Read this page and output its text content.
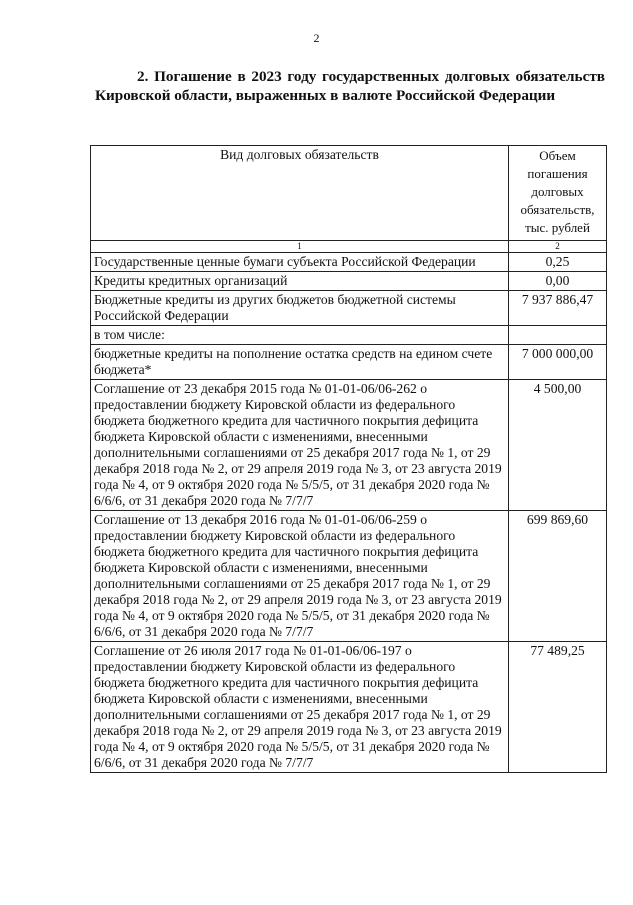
2
2. Погашение в 2023 году государственных долговых обязательств Кировской области, выраженных в валюте Российской Федерации
Вид долговых обязательств	Объем погашения долговых обязательств, тыс. рублей
1	2
Государственные ценные бумаги субъекта Российской Федерации	0,25
Кредиты кредитных организаций	0,00
Бюджетные кредиты из других бюджетов бюджетной системы Российской Федерации	7 937 886,47
в том числе:	
бюджетные кредиты на пополнение остатка средств на едином счете бюджета*	7 000 000,00
Соглашение от 23 декабря 2015 года № 01-01-06/06-262 о предоставлении бюджету Кировской области из федерального бюджета бюджетного кредита для частичного покрытия дефицита бюджета Кировской области с изменениями, внесенными дополнительными соглашениями от 25 декабря 2017 года № 1, от 29 декабря 2018 года № 2, от 29 апреля 2019 года № 3, от 23 августа 2019 года № 4, от 9 октября 2020 года № 5/5/5, от 31 декабря 2020 года № 6/6/6, от 31 декабря 2020 года № 7/7/7	4 500,00
Соглашение от 13 декабря 2016 года № 01-01-06/06-259 о предоставлении бюджету Кировской области из федерального бюджета бюджетного кредита для частичного покрытия дефицита бюджета Кировской области с изменениями, внесенными дополнительными соглашениями от 25 декабря 2017 года № 1, от 29 декабря 2018 года № 2, от 29 апреля 2019 года № 3, от 23 августа 2019 года № 4, от 9 октября 2020 года № 5/5/5, от 31 декабря 2020 года № 6/6/6, от 31 декабря 2020 года № 7/7/7	699 869,60
Соглашение от 26 июля 2017 года № 01-01-06/06-197 о предоставлении бюджету Кировской области из федерального бюджета бюджетного кредита для частичного покрытия дефицита бюджета Кировской области с изменениями, внесенными дополнительными соглашениями от 25 декабря 2017 года № 1, от 29 декабря 2018 года № 2, от 29 апреля 2019 года № 3, от 23 августа 2019 года № 4, от 9 октября 2020 года № 5/5/5, от 31 декабря 2020 года № 6/6/6, от 31 декабря 2020 года № 7/7/7	77 489,25
